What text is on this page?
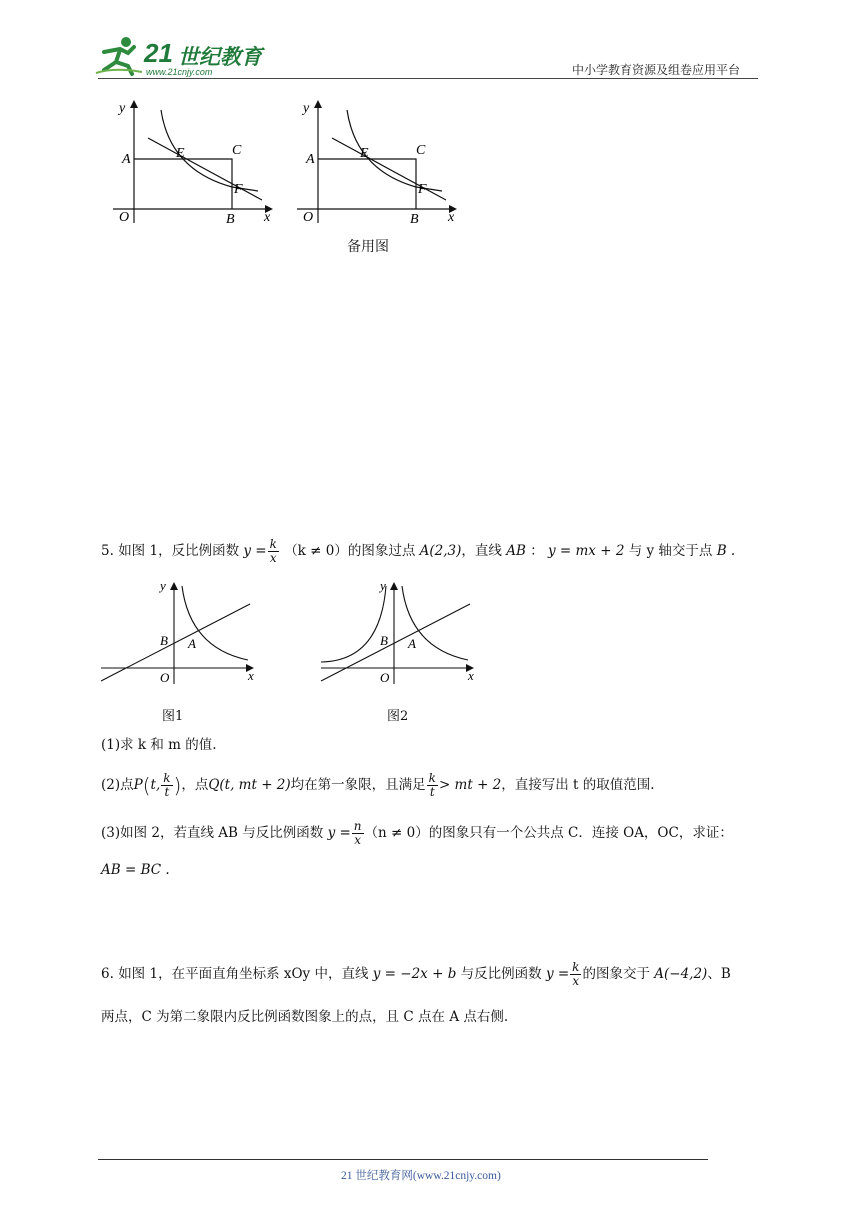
21 世纪教育
www.21cnjy.com	中小学教育资源及组卷应用平台
y
A	E	C
F
O	B x
y
A	E	C
F
O	B x
备用图
5. 如图 1，反比例函数 $y = \frac{k}{x} (k \ne 0)$的图象过点 A(2,3)，直线 AB ： y = mx + 2 与 y 轴交于点 B .
y
B A
O	x
图1
y
B A
O	x
图2
(1)求 k 和 m 的值.
(2)点P(t, $\frac{k}{t}$ )，点Q(t, mt + 2)均在第一象限，且满足 $\frac{k}{t}$ > mt + 2，直接写出 t 的取值范围.
(3)如图 2，若直线 AB 与反比例函数 $y = \frac{n}{x} (n \ne 0)$的图象只有一个公共点 C．连接 OA，OC，求证：
AB = BC .
6. 如图 1，在平面直角坐标系 xOy 中，直线 y = −2x + b 与反比例函数 $y = \frac{k}{x}$ 的图象交于 A(−4,2)、B
两点，C 为第二象限内反比例函数图象上的点，且 C 点在 A 点右侧.
21 世纪教育网(www.21cnjy.com)
